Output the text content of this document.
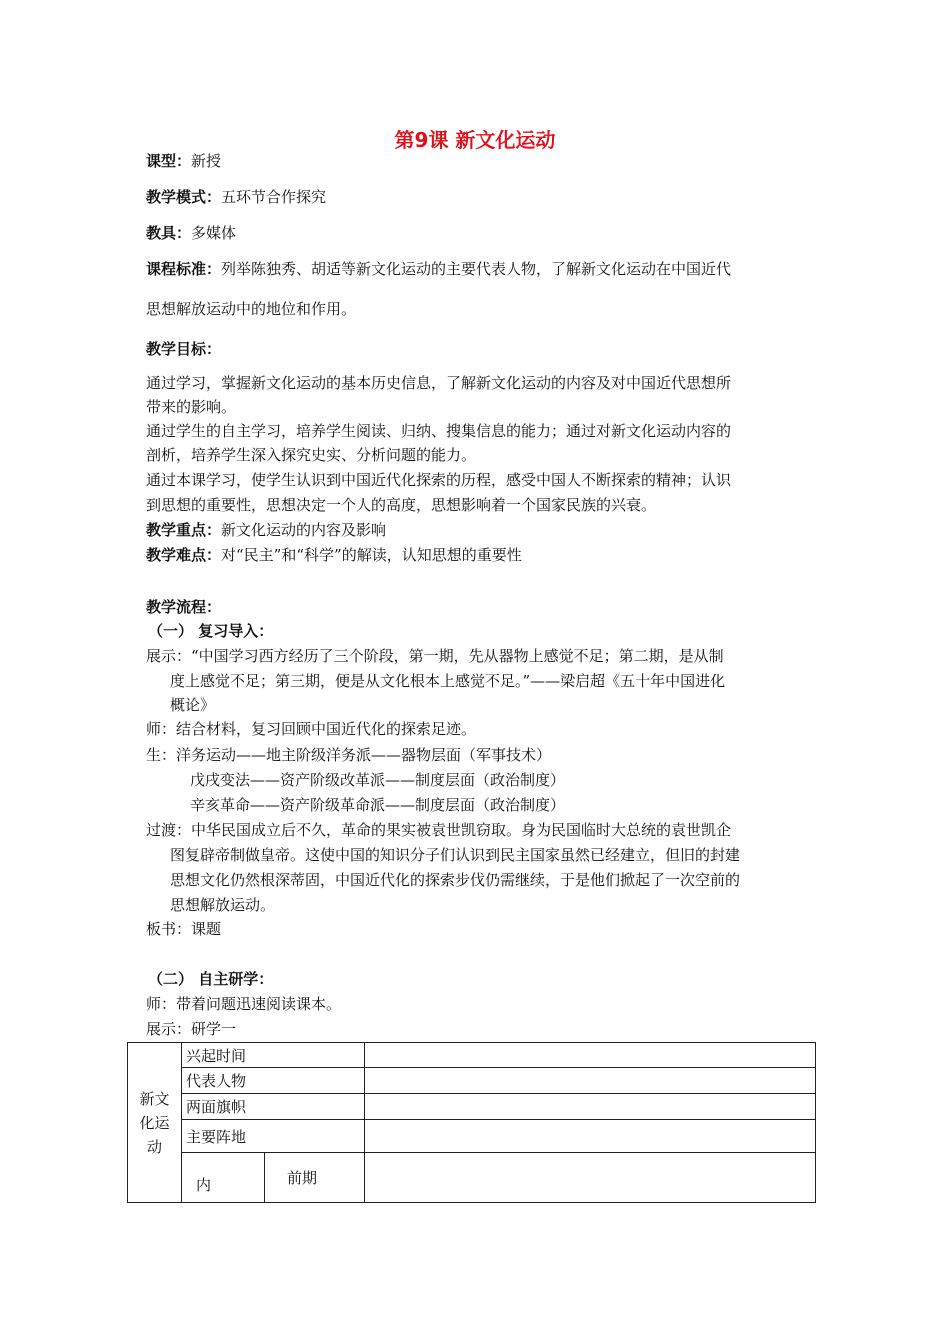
第9课 新文化运动
课型：新授
教学模式：五环节合作探究
教具：多媒体
课程标准：列举陈独秀、胡适等新文化运动的主要代表人物，了解新文化运动在中国近代
思想解放运动中的地位和作用。
教学目标：
通过学习，掌握新文化运动的基本历史信息，了解新文化运动的内容及对中国近代思想所
带来的影响。
通过学生的自主学习，培养学生阅读、归纳、搜集信息的能力；通过对新文化运动内容的
剖析，培养学生深入探究史实、分析问题的能力。
通过本课学习，使学生认识到中国近代化探索的历程，感受中国人不断探索的精神；认识
到思想的重要性，思想决定一个人的高度，思想影响着一个国家民族的兴衰。
教学重点：新文化运动的内容及影响
教学难点：对“民主”和“科学”的解读，认知思想的重要性
教学流程：
（一） 复习导入：
展示：“中国学习西方经历了三个阶段，第一期，先从器物上感觉不足；第二期，是从制
度上感觉不足；第三期，便是从文化根本上感觉不足。”——梁启超《五十年中国进化
概论》
师：结合材料，复习回顾中国近代化的探索足迹。
生：洋务运动——地主阶级洋务派——器物层面（军事技术）
戊戌变法——资产阶级改革派——制度层面（政治制度）
辛亥革命——资产阶级革命派——制度层面（政治制度）
过渡：中华民国成立后不久，革命的果实被袁世凯窃取。身为民国临时大总统的袁世凯企
图复辟帝制做皇帝。这使中国的知识分子们认识到民主国家虽然已经建立，但旧的封建
思想文化仍然根深蒂固，中国近代化的探索步伐仍需继续，于是他们掀起了一次空前的
思想解放运动。
板书：课题
（二） 自主研学：
师：带着问题迅速阅读课本。
展示：研学一
新文化运动	兴起时间		
	代表人物		
	两面旗帜		
	主要阵地		
	内	前期	
